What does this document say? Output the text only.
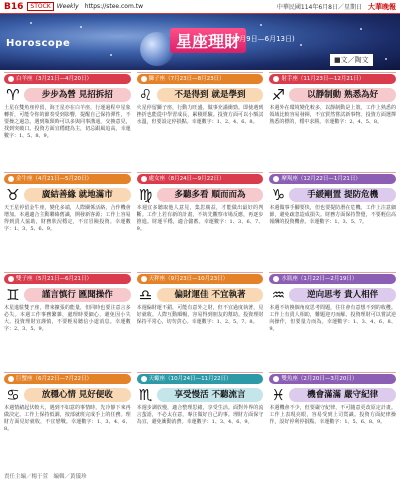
B16	STOCK	Weekly https://stee.com.tw	中華民國114年6月8日／星期日 大華晚報
Horoscope	星座理財
(6月9日—6月13日)
■文／陶文
白羊座（3月21日—4月20日）
♈	步步為營 見招拆招
土星在雙魚座停留，海王星亦在白羊座，行運過程中星象轉折，可能令你的節奏受到影響，提醒自己保持彈性，不要操之過急。遇到瓶頸時可以多與同事溝通，交換意見，找到突破口。投資方面宜穩健為主，切忌跟風追高。幸運數字：1、5、8、9。
獅子座（7月23日—8月23日）
♌	不是得到 就是學到
火星停留獅子座，行動力旺盛，做事充滿衝勁。即使遇到挫折也能從中學習成長，累積經驗。投資方面可以小額試水溫，但要設定停損點。幸運數字：1、2、4、6、8。
射手座（11月23日—12月21日）
♐	以靜制動 熟悉為好
本週外在環境變化較多，以靜制動是上策。工作上熟悉的領域比較容易發揮，不宜貿然嘗試新事物。投資方面選擇熟悉的標的，穩中求勝。幸運數字：2、4、5、8。
金牛座（4月21日—5月20日）
♉	廣結善緣 就地滿市
天王星停留金牛座，變化多端，人際關係活絡，合作機會增加。本週適合主動聯絡舊識，開發新客源；工作上容易得到貴人協助，財務狀況穩定，不宜冒險投資。幸運數字：1、3、5、6、9。
處女座（8月24日—9月22日）
♍	多聽多看 順而而為
本週宜多聽取他人意見，集思廣益，才能做出最好的判斷。工作上若有新的計畫，不妨先觀察市場反應，再逐步推進。財運平穩，適合儲蓄。幸運數字：1、3、6、7、9。
摩羯座（12月22日—1月21日）
♑	手緩剛置 提防危機
本週做事手腳要快，但也要提防潛在危機。工作上注意細節，避免疏忽造成損失。財務方面保持警覺，不要輕信高報酬的投資機會。幸運數字：1、3、5、7。
雙子座（5月21日—6月21日）
♊	謹言慎行 匯聞操作
木星進駐雙子座，帶來擴張的能量，但同時也要注意言多必失。本週工作事務繁雜，處理時要細心，避免因小失大。投資理財宜謹慎，不要輕易聽信小道消息。幸運數字：2、3、5、9。
天秤座（9月23日—10月23日）
♎	偏財運佳 不宜執著
本週偏財運不錯，可能有意外之財，但不宜過度執著，見好就收。人際互動順暢，容易得到朋友的幫助。投資理財保持平常心，切勿貪心。幸運數字：1、2、5、7、8。
水瓶座（1月22日—2月19日）
♒	逆向思考 貴人相伴
本週不妨換個角度思考問題，往往會有意想不到的收穫。工作上有貴人相助，難題迎刃而解。投資理財可以嘗試逆向操作，但要量力而為。幸運數字：1、3、4、6、8、9。
巨蟹座（6月22日—7月22日）
♋	放穩心情 見好便收
本週情緒起伏較大，遇到不如意的事情時，先冷靜下來再做決定。工作上保持低調，按部就班完成手上的任務。理財方面見好就收，不宜戀戰。幸運數字：1、3、4、6、8。
天蠍座（10月24日—11月22日）
♏	享受慢活 不聽流言
本週步調放慢，適合整理思緒，享受生活。面對外界的流言蜚語，不必太在意，專注做好自己的事。理財方面保守為宜，避免衝動消費。幸運數字：1、3、4、6、9。
雙魚座（2月20日—3月20日）
♓	機會滿滿 嚴守紀律
本週機會不少，但要嚴守紀律，不可隨意更改原定計畫。工作上表現亮眼，容易受到上司賞識。投資方面紀律操作，設好停利停損點。幸運數字：1、5、6、8、9。
責任主編／楊于萱　編輯／黃儀珍
